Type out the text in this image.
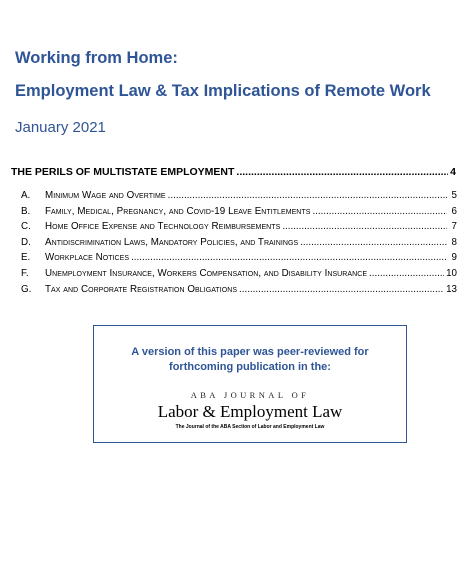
Working from Home:
Employment Law & Tax Implications of Remote Work
January 2021
THE PERILS OF MULTISTATE EMPLOYMENT .....	4
A.	Minimum Wage and Overtime .....	5
B.	Family, Medical, Pregnancy, and Covid-19 Leave Entitlements .....	6
C.	Home Office Expense and Technology Reimbursements .....	7
D.	Antidiscrimination Laws, Mandatory Policies, and Trainings .....	8
E.	Workplace Notices .....	9
F.	Unemployment Insurance, Workers Compensation, and Disability Insurance .....	10
G.	Tax and Corporate Registration Obligations .....	13
A version of this paper was peer-reviewed for
forthcoming publication in the:
ABA JOURNAL OF
Labor & Employment Law
The Journal of the ABA Section of Labor and Employment Law
